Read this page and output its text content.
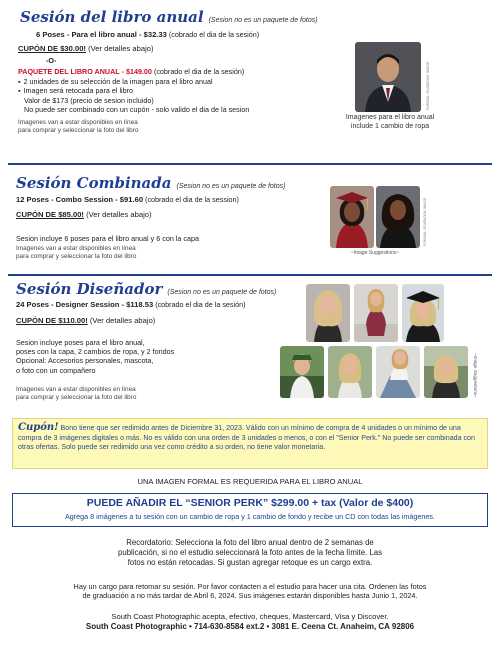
Sesión del libro anual (Sesion no es un paquete de fotos)
6 Poses - Para el libro anual - $32.33 (cobrado el dia de la sesión)
CUPÓN DE $30.00! (Ver detalles abajo)
-O-
PAQUETE DEL LIBRO ANUAL - $149.00 (cobrado el dia de la sesión)
▪ 2 unidades de su selección de la imagen para el libro anual
▪ Imagen será retocada para el libro
Valor de $173 (precio de sesion incluido)
No puede ser combinado con un cupón - solo valido el dia de la sesion
Imagenes van a estar disponibles en línea
para comprar y seleccionar la foto del libro
FORMAL YEARBOOK IMAGE
Imagenes para el libro anual
include 1 cambio de ropa
Sesión Combinada (Sesion no es un paquete de fotos)
12 Poses - Combo Session - $91.60 (cobrado el dia de la session)
CUPÓN DE $85.00! (Ver detalles abajo)
Sesion incluye 6 poses para el libro anual y 6 con la capa
Imagenes van a estar disponibles en línea
para comprar y seleccionar la foto del libro
FORMAL YEARBOOK IMAGE
~Image Suggestions~
Sesión Diseñador (Sesion no es un paquete de fotos)
24 Poses - Designer Session - $118.53 (cobrado el dia de la sesión)
CUPÓN DE $110.00! (Ver detalles abajo)
Sesion incluye poses para el libro anual,
poses con la capa, 2 cambios de ropa, y 2 fondos
Opcional: Accesorios personales, mascota,
o foto con un compañero
Imagenes van a estar disponibles en línea
para comprar y seleccionar la foto del libro
~Image Suggestions~
Cupón! Bono tiene que ser redimido antes de Diciembre 31, 2023. Válido con un mínimo de compra de 4 unidades o un mínimo de una compra de 3 imágenes digitales o más. No es válido con una orden de 3 unidades o menos, o con el "Senior Perk." No puede ser combinada con otras ofertas. Solo puede ser redimido una vez como crédito a su orden, no tiene valor monetaria.
UNA IMAGEN FORMAL ES REQUERIDA PARA EL LIBRO ANUAL
PUEDE AÑADIR EL “SENIOR PERK” $299.00 + tax (Valor de $400)
Agrega 8 imágenes a tu sesión con un cambio de ropa y 1 cambio de fondo y recibe un CD con todas las imágenes.
Recordatorio: Selecciona la foto del libro anual dentro de 2 semanas de
publicación, si no el estudio seleccionará la foto antes de la fecha límite. Las
fotos no están retocadas. Si gustan agregar retoque es un cargo extra.
Hay un cargo para retomar su sesión. Por favor contacten a el estudio para hacer una cita. Ordenen las fotos
de graduación a no más tardar de Abril 6, 2024. Sus imágenes estarán disponibles hasta Junio 1, 2024.
South Coast Photographic acepta, efectivo, cheques, Mastercard, Visa y Discover.
South Coast Photographic • 714-630-8584 ext.2 • 3081 E. Ceena Ct. Anaheim, CA 92806
